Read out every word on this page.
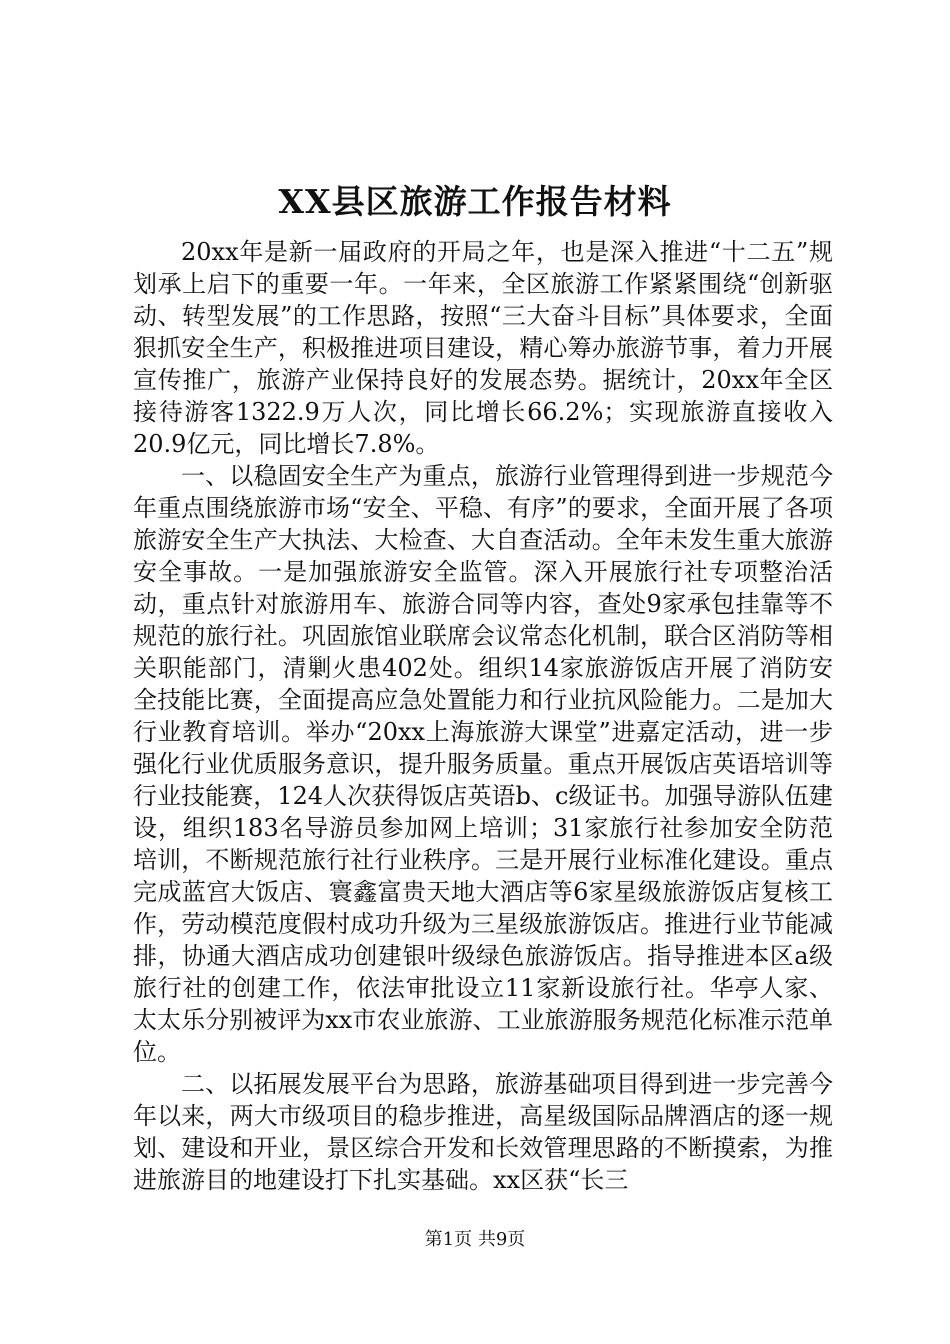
XX县区旅游工作报告材料

20xx年是新一届政府的开局之年，也是深入推进“十二五”规划承上启下的重要一年。一年来，全区旅游工作紧紧围绕“创新驱动、转型发展”的工作思路，按照“三大奋斗目标”具体要求，全面狠抓安全生产，积极推进项目建设，精心筹办旅游节事，着力开展宣传推广，旅游产业保持良好的发展态势。据统计，20xx年全区接待游客1322.9万人次，同比增长66.2%；实现旅游直接收入20.9亿元，同比增长7.8%。

一、以稳固安全生产为重点，旅游行业管理得到进一步规范今年重点围绕旅游市场“安全、平稳、有序”的要求，全面开展了各项旅游安全生产大执法、大检查、大自查活动。全年未发生重大旅游安全事故。一是加强旅游安全监管。深入开展旅行社专项整治活动，重点针对旅游用车、旅游合同等内容，查处9家承包挂靠等不规范的旅行社。巩固旅馆业联席会议常态化机制，联合区消防等相关职能部门，清剿火患402处。组织14家旅游饭店开展了消防安全技能比赛，全面提高应急处置能力和行业抗风险能力。二是加大行业教育培训。举办“20xx上海旅游大课堂”进嘉定活动，进一步强化行业优质服务意识，提升服务质量。重点开展饭店英语培训等行业技能赛，124人次获得饭店英语b、c级证书。加强导游队伍建设，组织183名导游员参加网上培训；31家旅行社参加安全防范培训，不断规范旅行社行业秩序。三是开展行业标准化建设。重点完成蓝宫大饭店、寰鑫富贵天地大酒店等6家星级旅游饭店复核工作，劳动模范度假村成功升级为三星级旅游饭店。推进行业节能减排，协通大酒店成功创建银叶级绿色旅游饭店。指导推进本区a级旅行社的创建工作，依法审批设立11家新设旅行社。华亭人家、太太乐分别被评为xx市农业旅游、工业旅游服务规范化标准示范单位。

二、以拓展发展平台为思路，旅游基础项目得到进一步完善今年以来，两大市级项目的稳步推进，高星级国际品牌酒店的逐一规划、建设和开业，景区综合开发和长效管理思路的不断摸索，为推进旅游目的地建设打下扎实基础。xx区获“长三

第1页 共9页
